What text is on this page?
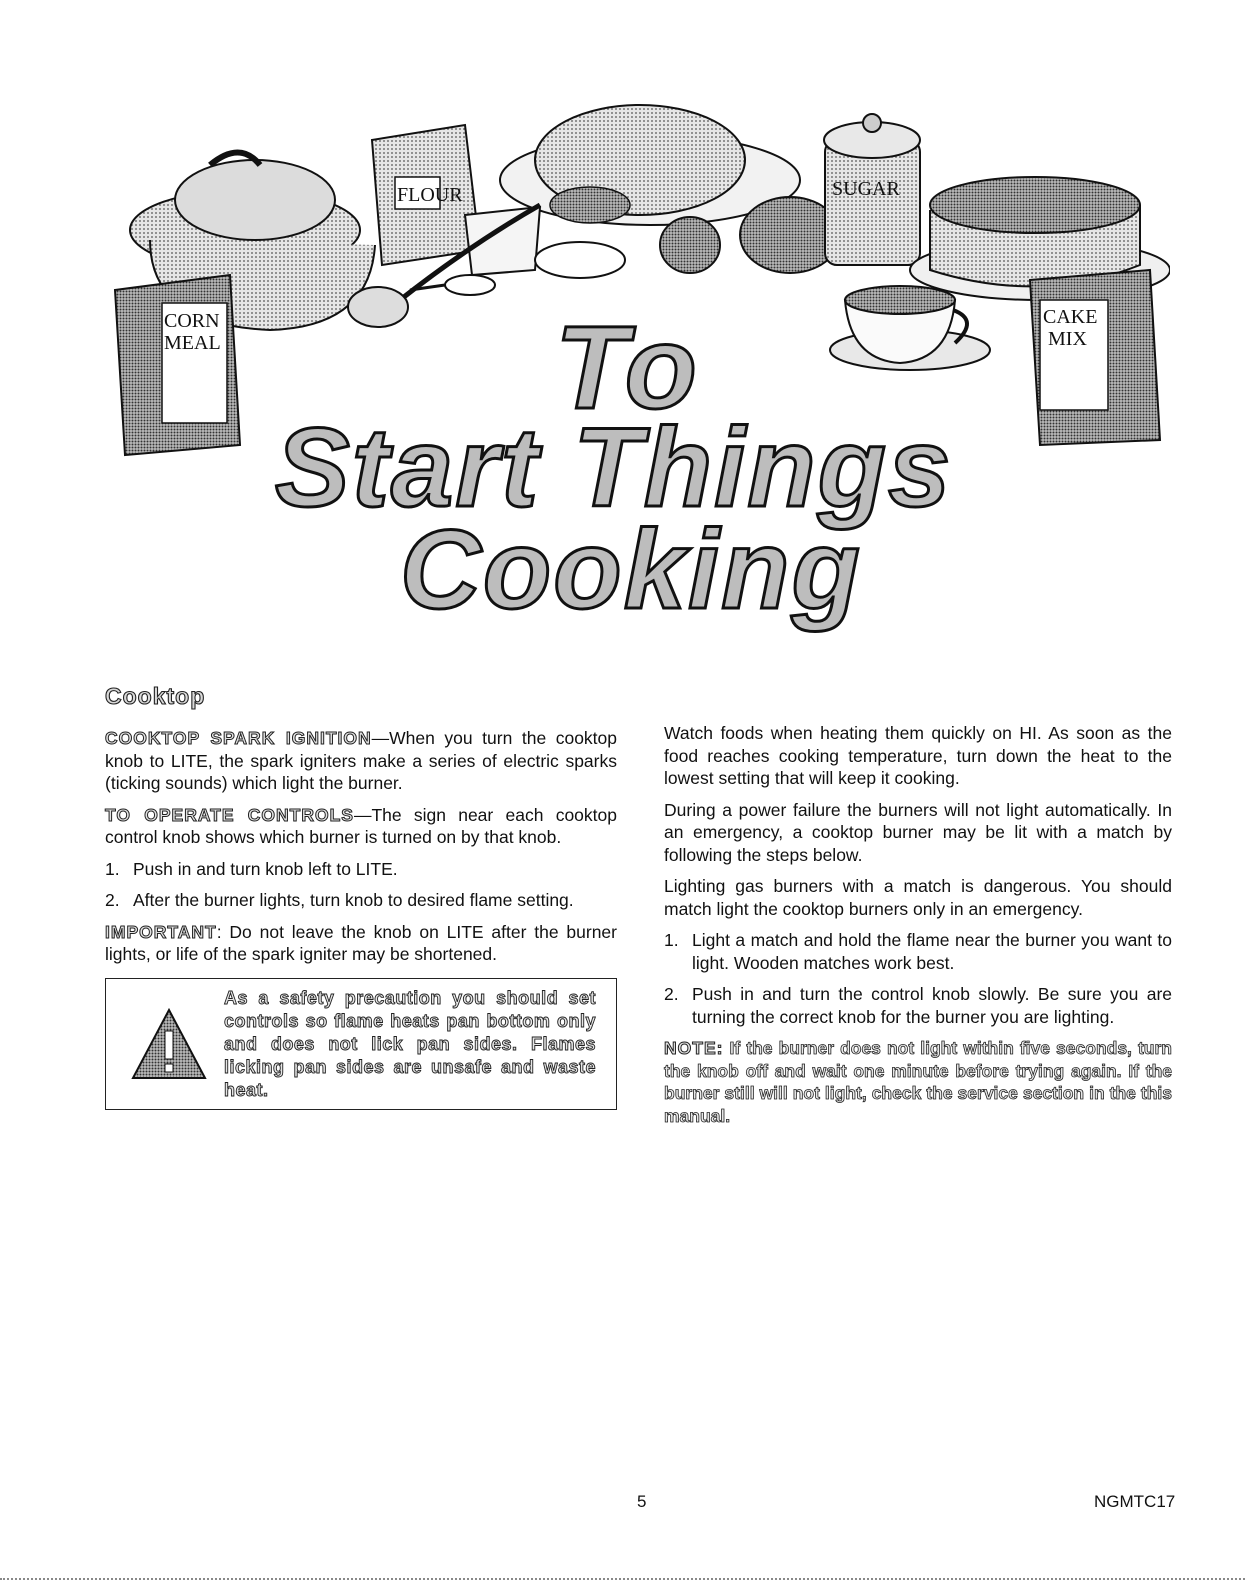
FLOUR	SUGAR
CORN
MEAL
CAKE
MIX
To
Start Things
Cooking
Cooktop

COOKTOP SPARK IGNITION—When you turn the cooktop knob to LITE, the spark igniters make a series of electric sparks (ticking sounds) which light the burner.

TO OPERATE CONTROLS—The sign near each cooktop control knob shows which burner is turned on by that knob.

1. Push in and turn knob left to LITE.
2. After the burner lights, turn knob to desired flame setting.

IMPORTANT: Do not leave the knob on LITE after the burner lights, or life of the spark igniter may be shortened.

As a safety precaution you should set controls so flame heats pan bottom only and does not lick pan sides. Flames licking pan sides are unsafe and waste heat.

Watch foods when heating them quickly on HI. As soon as the food reaches cooking temperature, turn down the heat to the lowest setting that will keep it cooking.

During a power failure the burners will not light automatically. In an emergency, a cooktop burner may be lit with a match by following the steps below.

Lighting gas burners with a match is dangerous. You should match light the cooktop burners only in an emergency.

1. Light a match and hold the flame near the burner you want to light. Wooden matches work best.
2. Push in and turn the control knob slowly. Be sure you are turning the correct knob for the burner you are lighting.

NOTE: If the burner does not light within five seconds, turn the knob off and wait one minute before trying again. If the burner still will not light, check the service section in the this manual.

5	NGMTC17
